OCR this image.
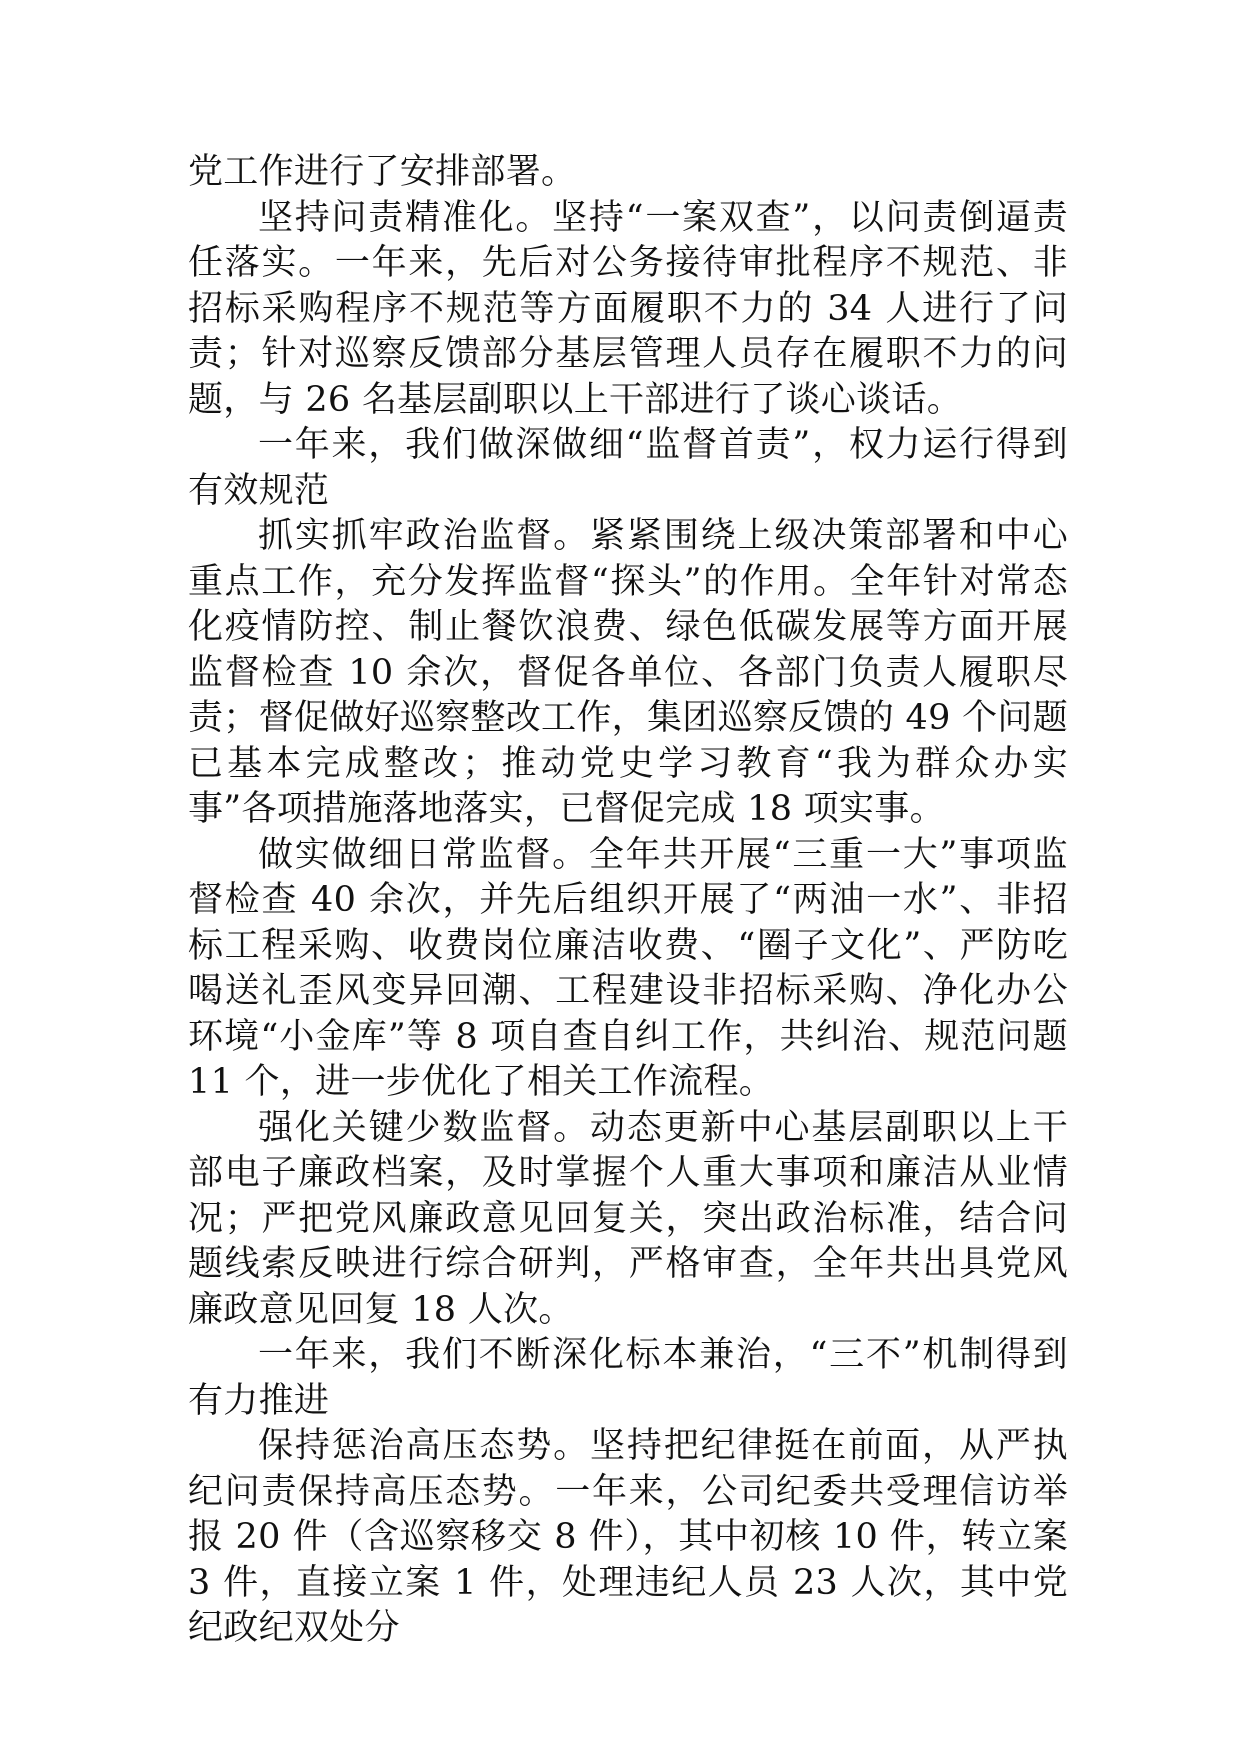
党工作进行了安排部署。

坚持问责精准化。坚持“一案双查”，以问责倒逼责任落实。一年来，先后对公务接待审批程序不规范、非招标采购程序不规范等方面履职不力的 34 人进行了问责；针对巡察反馈部分基层管理人员存在履职不力的问题，与 26 名基层副职以上干部进行了谈心谈话。

一年来，我们做深做细“监督首责”，权力运行得到有效规范

抓实抓牢政治监督。紧紧围绕上级决策部署和中心重点工作，充分发挥监督“探头”的作用。全年针对常态化疫情防控、制止餐饮浪费、绿色低碳发展等方面开展监督检查 10 余次，督促各单位、各部门负责人履职尽责；督促做好巡察整改工作，集团巡察反馈的 49 个问题已基本完成整改；推动党史学习教育“我为群众办实事”各项措施落地落实，已督促完成 18 项实事。

做实做细日常监督。全年共开展“三重一大”事项监督检查 40 余次，并先后组织开展了“两油一水”、非招标工程采购、收费岗位廉洁收费、“圈子文化”、严防吃喝送礼歪风变异回潮、工程建设非招标采购、净化办公环境“小金库”等 8 项自查自纠工作，共纠治、规范问题 11 个，进一步优化了相关工作流程。

强化关键少数监督。动态更新中心基层副职以上干部电子廉政档案，及时掌握个人重大事项和廉洁从业情况；严把党风廉政意见回复关，突出政治标准，结合问题线索反映进行综合研判，严格审查，全年共出具党风廉政意见回复 18 人次。

一年来，我们不断深化标本兼治，“三不”机制得到有力推进

保持惩治高压态势。坚持把纪律挺在前面，从严执纪问责保持高压态势。一年来，公司纪委共受理信访举报 20 件（含巡察移交 8 件），其中初核 10 件，转立案 3 件，直接立案 1 件，处理违纪人员 23 人次，其中党纪政纪双处分
